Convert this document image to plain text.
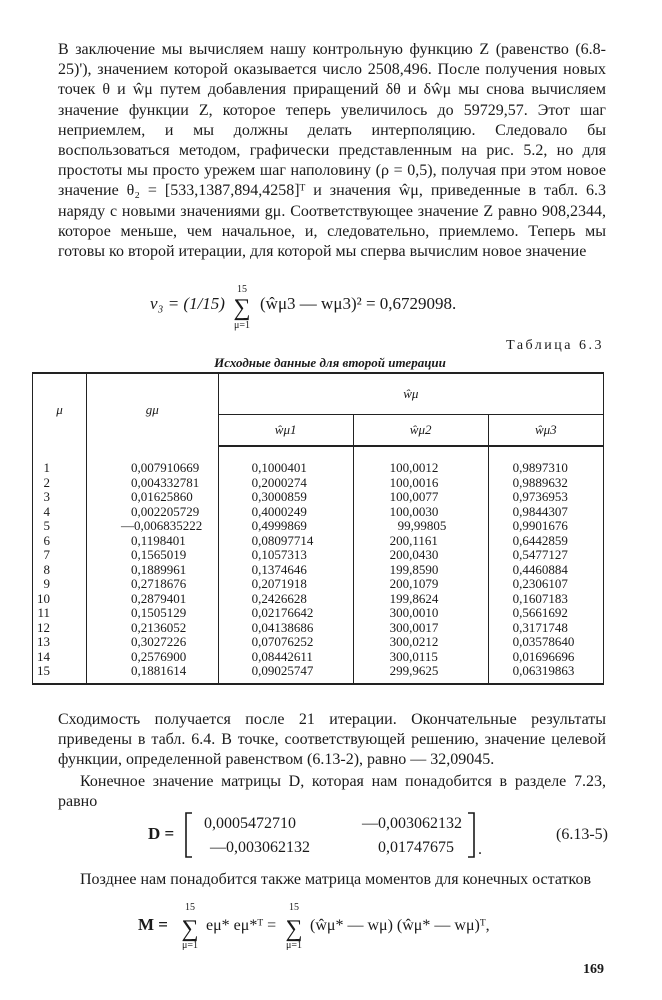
В заключение мы вычисляем нашу контрольную функцию Z (равенство (6.8-25)'), значением которой оказывается число 2508,496. После получения новых точек θ и ŵμ путем добавления приращений δθ и δŵμ мы снова вычисляем значение функции Z, которое теперь увеличилось до 59729,57. Этот шаг неприемлем, и мы должны делать интерполяцию. Следовало бы воспользоваться методом, графически представленным на рис. 5.2, но для простоты мы просто урежем шаг наполовину (ρ = 0,5), получая при этом новое значение θ₂ = [533,1387,894,4258]ᵀ и значения ŵμ, приведенные в табл. 6.3 наряду с новыми значениями gμ. Соответствующее значение Z равно 908,2344, которое меньше, чем начальное, и, следовательно, приемлемо. Теперь мы готовы ко второй итерации, для которой мы сперва вычислим новое значение

v₃ = (1/15)
15
∑
μ=1
(ŵμ3 — wμ3)² = 0,6729098.
Таблица 6.3
Исходные данные для второй итерации
μ	gμ	ŵμ		
		ŵμ1	ŵμ2	ŵμ3
1	0,007910669	0,1000401	100,0012	0,9897310
2	0,004332781	0,2000274	100,0016	0,9889632
3	0,01625860	0,3000859	100,0077	0,9736953
4	0,002205729	0,4000249	100,0030	0,9844307
5	—0,006835222	0,4999869	99,99805	0,9901676
6	0,1198401	0,08097714	200,1161	0,6442859
7	0,1565019	0,1057313	200,0430	0,5477127
8	0,1889961	0,1374646	199,8590	0,4460884
9	0,2718676	0,2071918	200,1079	0,2306107
10	0,2879401	0,2426628	199,8624	0,1607183
11	0,1505129	0,02176642	300,0010	0,5661692
12	0,2136052	0,04138686	300,0017	0,3171748
13	0,3027226	0,07076252	300,0212	0,03578640
14	0,2576900	0,08442611	300,0115	0,01696696
15	0,1881614	0,09025747	299,9625	0,06319863

Сходимость получается после 21 итерации. Окончательные результаты приведены в табл. 6.4. В точке, соответствующей решению, значение целевой функции, определенной равенством (6.13-2), равно — 32,09045.

Конечное значение матрицы D, которая нам понадобится в разделе 7.23, равно

D =
0,0005472710	—0,003062132
—0,003062132	0,01747675 .
(6.13-5)

Позднее нам понадобится также матрица моментов для конечных остатков

M =
15
∑
μ=1
eμ* eμ*ᵀ =
15
∑
μ=1
(ŵμ* — wμ) (ŵμ* — wμ)ᵀ,
169
